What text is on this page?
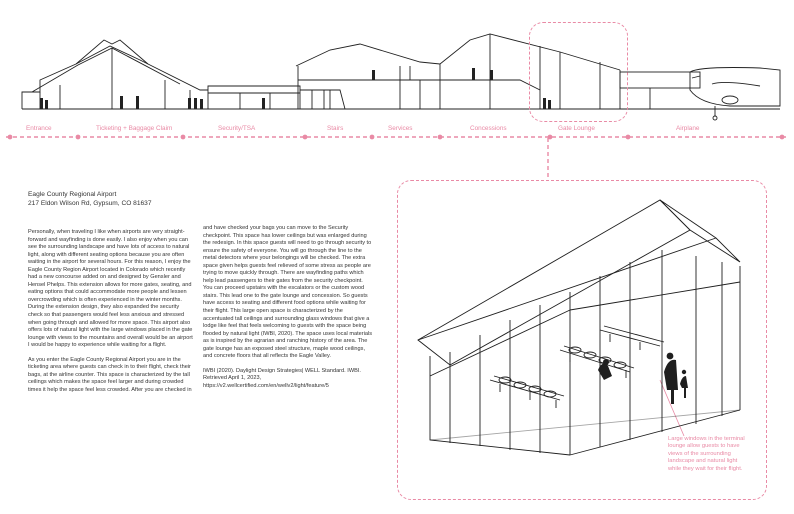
Entrance	Ticketing + Baggage Claim	Security/TSA	Stairs	Services	Concessions	Gate Lounge	Airplane
Eagle County Regional Airport
217 Eldon Wilson Rd, Gypsum, CO 81637

Personally, when traveling I like when airports are very straight-forward and wayfinding is done easily. I also enjoy when you can see the surrounding landscape and have lots of access to natural light, along with different seating options because you are often waiting in the airport for several hours. For this reason, I enjoy the Eagle County Region Airport located in Colorado which recently had a new concourse added on and designed by Gensler and Hensel Phelps. This extension allows for more gates, seating, and eating options that could accommodate more people and lessen overcrowding which is often experienced in the winter months. During the extension design, they also expanded the security check so that passengers would feel less anxious and stressed when going through and allowed for more space. This airport also offers lots of natural light with the large windows placed in the gate lounge with views to the mountains and overall would be an airport I would be happy to experience while waiting for a flight.

As you enter the Eagle County Regional Airport you are in the ticketing area where guests can check in to their flight, check their bags, at the airline counter. This space is characterized by the tall ceilings which makes the space feel larger and during crowded times it help the space feel less crowded. After you are checked in

and have checked your bags you can move to the Security checkpoint. This space has lower ceilings but was enlarged during the redesign. In this space guests will need to go through security to ensure the safety of everyone. You will go through the line to the metal detectors where your belongings will be checked. The extra space given helps guests feel relieved of some stress as people are trying to move quickly through. There are wayfinding paths which help lead passengers to their gates from the security checkpoint. You can proceed upstairs with the escalators or the custom wood stairs. This lead one to the gate lounge and concession. So guests have access to seating and different food options while waiting for their flight. This large open space is characterized by the accentuated tall ceilings and surrounding glass windows that give a lodge like feel that feels welcoming to guests with the space being flooded by natural light (IWBI, 2020). The space uses local materials as is inspired by the agrarian and ranching history of the area. The gate lounge has an exposed steel structure, maple wood ceilings, and concrete floors that all reflects the Eagle Valley.

IWBI (2020). Daylight Design Strategies| WELL Standard. IWBI. Retrieved April 1, 2023, https://v2.wellcertified.com/en/wellv2/light/feature/5

Large windows in the terminal lounge allow guests to have views of the surrounding landscape and natural light while they wait for their flight.
